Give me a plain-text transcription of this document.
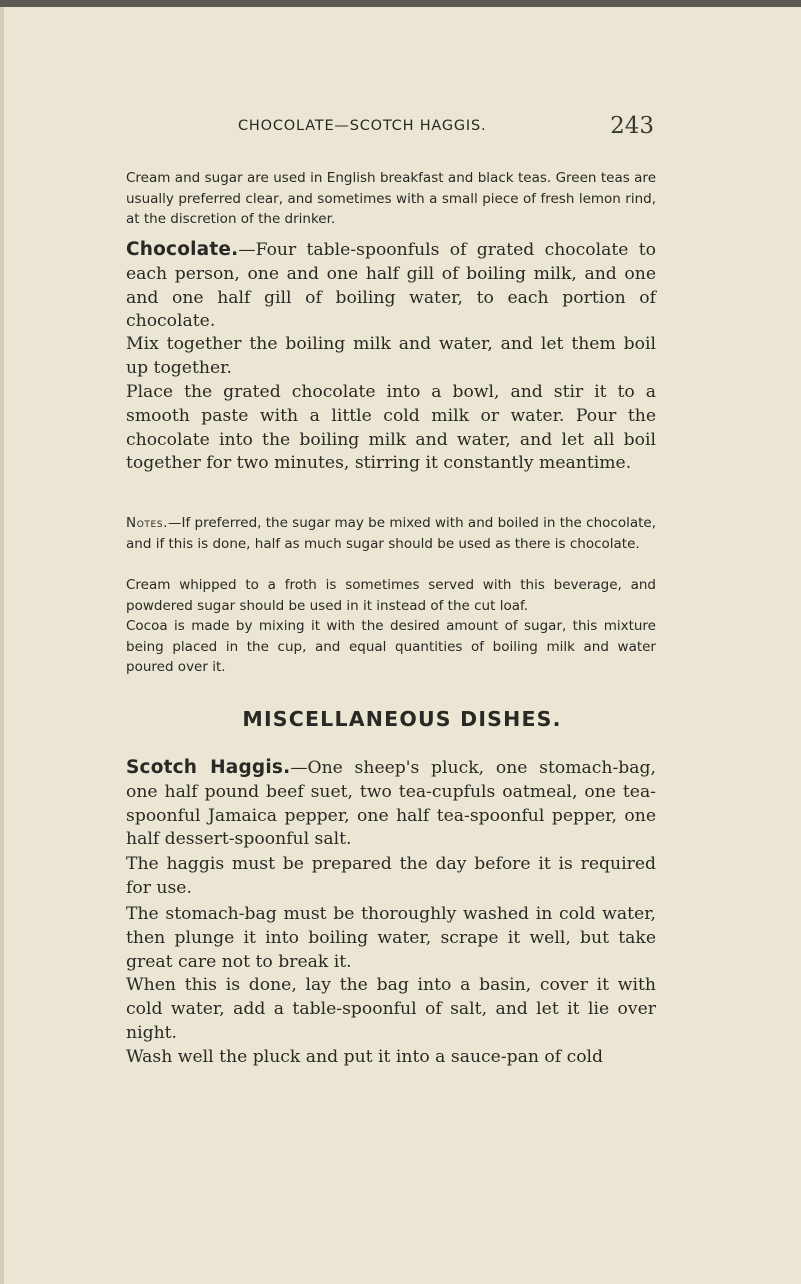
CHOCOLATE—SCOTCH HAGGIS.	243

Cream and sugar are used in English breakfast and black teas. Green teas are usually preferred clear, and sometimes with a small piece of fresh lemon rind, at the discretion of the drinker.

Chocolate.—Four table-spoonfuls of grated chocolate to each person, one and one half gill of boiling milk, and one and one half gill of boiling water, to each portion of chocolate.

Mix together the boiling milk and water, and let them boil up together.

Place the grated chocolate into a bowl, and stir it to a smooth paste with a little cold milk or water. Pour the chocolate into the boiling milk and water, and let all boil together for two minutes, stirring it constantly meantime.

Notes.—If preferred, the sugar may be mixed with and boiled in the chocolate, and if this is done, half as much sugar should be used as there is chocolate.

Cream whipped to a froth is sometimes served with this beverage, and powdered sugar should be used in it instead of the cut loaf.

Cocoa is made by mixing it with the desired amount of sugar, this mixture being placed in the cup, and equal quantities of boiling milk and water poured over it.

MISCELLANEOUS DISHES.

Scotch Haggis.—One sheep's pluck, one stomach-bag, one half pound beef suet, two tea-cupfuls oatmeal, one tea-spoonful Jamaica pepper, one half tea-spoonful pepper, one half dessert-spoonful salt.

The haggis must be prepared the day before it is required for use.

The stomach-bag must be thoroughly washed in cold water, then plunge it into boiling water, scrape it well, but take great care not to break it.

When this is done, lay the bag into a basin, cover it with cold water, add a table-spoonful of salt, and let it lie over night.

Wash well the pluck and put it into a sauce-pan of cold
